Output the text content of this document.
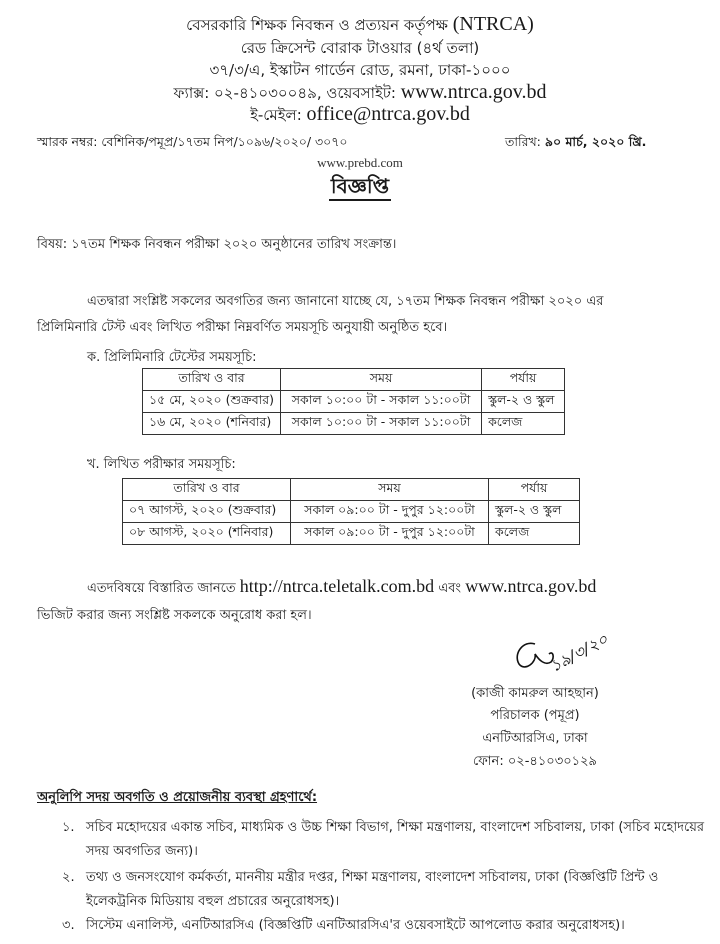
বেসরকারি শিক্ষক নিবন্ধন ও প্রত্যয়ন কর্তৃপক্ষ (NTRCA)
রেড ক্রিসেন্ট বোরাক টাওয়ার (৪র্থ তলা)
৩৭/৩/এ, ইস্কাটন গার্ডেন রোড, রমনা, ঢাকা-১০০০
ফ্যাক্স: ০২-৪১০৩০০৪৯, ওয়েবসাইট: www.ntrca.gov.bd
ই-মেইল: office@ntrca.gov.bd
স্মারক নম্বর: বেশিনিক/পমূপ্র/১৭তম নিপ/১০৯৬/২০২০/ ৩০৭০	তারিখ: ৯০ মার্চ, ২০২০ খ্রি.
www.prebd.com
বিজ্ঞপ্তি
বিষয়: ১৭তম শিক্ষক নিবন্ধন পরীক্ষা ২০২০ অনুষ্ঠানের তারিখ সংক্রান্ত।
এতদ্বারা সংশ্লিষ্ট সকলের অবগতির জন্য জানানো যাচ্ছে যে, ১৭তম শিক্ষক নিবন্ধন পরীক্ষা ২০২০ এর
প্রিলিমিনারি টেস্ট এবং লিখিত পরীক্ষা নিম্নবর্ণিত সময়সূচি অনুযায়ী অনুষ্ঠিত হবে।
ক. প্রিলিমিনারি টেস্টের সময়সূচি:
তারিখ ও বার	সময়	পর্যায়
১৫ মে, ২০২০ (শুক্রবার)	সকাল ১০:০০ টা - সকাল ১১:০০টা	স্কুল-২ ও স্কুল
১৬ মে, ২০২০ (শনিবার)	সকাল ১০:০০ টা - সকাল ১১:০০টা	কলেজ
খ. লিখিত পরীক্ষার সময়সূচি:
তারিখ ও বার	সময়	পর্যায়
০৭ আগস্ট, ২০২০ (শুক্রবার)	সকাল ০৯:০০ টা - দুপুর ১২:০০টা	স্কুল-২ ও স্কুল
০৮ আগস্ট, ২০২০ (শনিবার)	সকাল ০৯:০০ টা - দুপুর ১২:০০টা	কলেজ
এতদবিষয়ে বিস্তারিত জানতে http://ntrca.teletalk.com.bd এবং www.ntrca.gov.bd
ভিজিট করার জন্য সংশ্লিষ্ট সকলকে অনুরোধ করা হল।
১৯/৩/২০
(কাজী কামরুল আহছান)
পরিচালক (পমূপ্র)
এনটিআরসিএ, ঢাকা
ফোন: ০২-৪১০৩০১২৯
অনুলিপি সদয় অবগতি ও প্রয়োজনীয় ব্যবস্থা গ্রহণার্থে:
১. সচিব মহোদয়ের একান্ত সচিব, মাধ্যমিক ও উচ্চ শিক্ষা বিভাগ, শিক্ষা মন্ত্রণালয়, বাংলাদেশ সচিবালয়, ঢাকা (সচিব মহোদয়ের সদয় অবগতির জন্য)।
২. তথ্য ও জনসংযোগ কর্মকর্তা, মাননীয় মন্ত্রীর দপ্তর, শিক্ষা মন্ত্রণালয়, বাংলাদেশ সচিবালয়, ঢাকা (বিজ্ঞপ্তিটি প্রিন্ট ও ইলেকট্রনিক মিডিয়ায় বহুল প্রচারের অনুরোধসহ)।
৩. সিস্টেম এনালিস্ট, এনটিআরসিএ (বিজ্ঞপ্তিটি এনটিআরসিএ'র ওয়েবসাইটে আপলোড করার অনুরোধসহ)।
